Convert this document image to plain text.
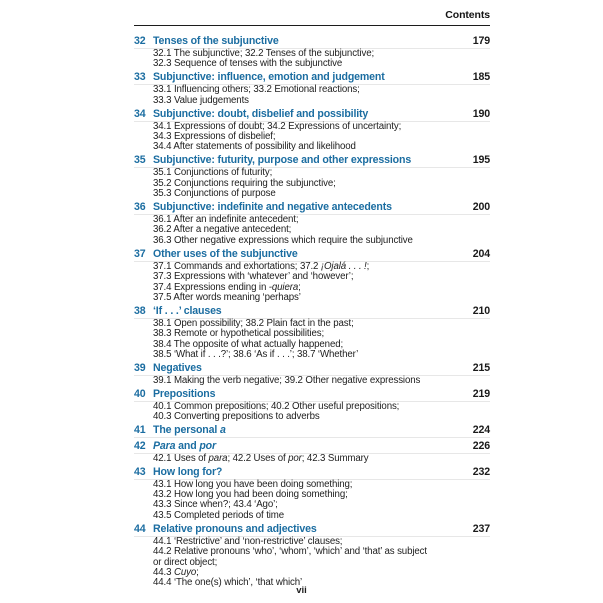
Contents
32 Tenses of the subjunctive	179
32.1 The subjunctive; 32.2 Tenses of the subjunctive;
32.3 Sequence of tenses with the subjunctive
33 Subjunctive: influence, emotion and judgement	185
33.1 Influencing others; 33.2 Emotional reactions;
33.3 Value judgements
34 Subjunctive: doubt, disbelief and possibility	190
34.1 Expressions of doubt; 34.2 Expressions of uncertainty;
34.3 Expressions of disbelief;
34.4 After statements of possibility and likelihood
35 Subjunctive: futurity, purpose and other expressions	195
35.1 Conjunctions of futurity;
35.2 Conjunctions requiring the subjunctive;
35.3 Conjunctions of purpose
36 Subjunctive: indefinite and negative antecedents	200
36.1 After an indefinite antecedent;
36.2 After a negative antecedent;
36.3 Other negative expressions which require the subjunctive
37 Other uses of the subjunctive	204
37.1 Commands and exhortations; 37.2 ¡Ojalá . . . !;
37.3 Expressions with ‘whatever’ and ‘however’;
37.4 Expressions ending in -quiera;
37.5 After words meaning ‘perhaps’
38 ‘If . . .’ clauses	210
38.1 Open possibility; 38.2 Plain fact in the past;
38.3 Remote or hypothetical possibilities;
38.4 The opposite of what actually happened;
38.5 ‘What if . . .?’; 38.6 ‘As if . . .’; 38.7 ‘Whether’
39 Negatives	215
39.1 Making the verb negative; 39.2 Other negative expressions
40 Prepositions	219
40.1 Common prepositions; 40.2 Other useful prepositions;
40.3 Converting prepositions to adverbs
41 The personal a	224
42 Para and por	226
42.1 Uses of para; 42.2 Uses of por; 42.3 Summary
43 How long for?	232
43.1 How long you have been doing something;
43.2 How long you had been doing something;
43.3 Since when?; 43.4 ‘Ago’;
43.5 Completed periods of time
44 Relative pronouns and adjectives	237
44.1 ‘Restrictive’ and ‘non-restrictive’ clauses;
44.2 Relative pronouns ‘who’, ‘whom’, ‘which’ and ‘that’ as subject
or direct object;
44.3 Cuyo;
44.4 ‘The one(s) which’, ‘that which’
vii
